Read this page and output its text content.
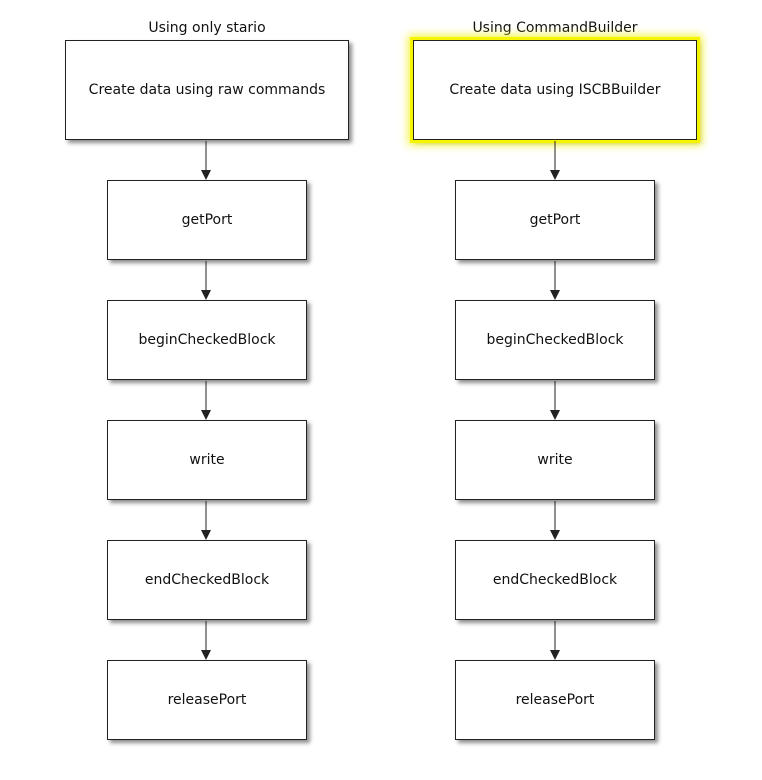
Using only stario	Using CommandBuilder
Create data using raw commands
getPort
beginCheckedBlock
write
endCheckedBlock
releasePort
Create data using ISCBBuilder
getPort
beginCheckedBlock
write
endCheckedBlock
releasePort
